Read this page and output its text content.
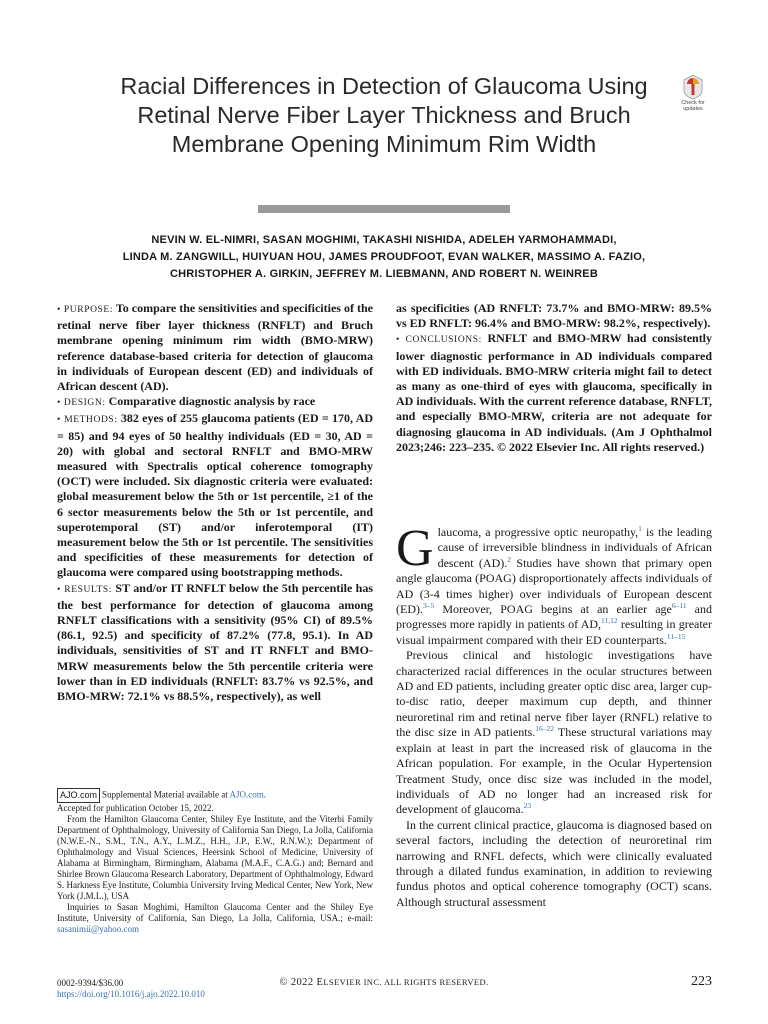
Racial Differences in Detection of Glaucoma Using Retinal Nerve Fiber Layer Thickness and Bruch Membrane Opening Minimum Rim Width
Check for
updates
NEVIN W. EL-NIMRI, SASAN MOGHIMI, TAKASHI NISHIDA, ADELEH YARMOHAMMADI,
LINDA M. ZANGWILL, HUIYUAN HOU, JAMES PROUDFOOT, EVAN WALKER, MASSIMO A. FAZIO,
CHRISTOPHER A. GIRKIN, JEFFREY M. LIEBMANN, AND ROBERT N. WEINREB

• PURPOSE: To compare the sensitivities and specificities of the retinal nerve fiber layer thickness (RNFLT) and Bruch membrane opening minimum rim width (BMO-MRW) reference database-based criteria for detection of glaucoma in individuals of European descent (ED) and individuals of African descent (AD).

• DESIGN: Comparative diagnostic analysis by race

• METHODS: 382 eyes of 255 glaucoma patients (ED = 170, AD = 85) and 94 eyes of 50 healthy individuals (ED = 30, AD = 20) with global and sectoral RNFLT and BMO-MRW measured with Spectralis optical coherence tomography (OCT) were included. Six diagnostic criteria were evaluated: global measurement below the 5th or 1st percentile, ≥1 of the 6 sector measurements below the 5th or 1st percentile, and superotemporal (ST) and/or inferotemporal (IT) measurement below the 5th or 1st percentile. The sensitivities and specificities of these measurements for detection of glaucoma were compared using bootstrapping methods.

• RESULTS: ST and/or IT RNFLT below the 5th percentile has the best performance for detection of glaucoma among RNFLT classifications with a sensitivity (95% CI) of 89.5% (86.1, 92.5) and specificity of 87.2% (77.8, 95.1). In AD individuals, sensitivities of ST and IT RNFLT and BMO-MRW measurements below the 5th percentile criteria were lower than in ED individuals (RNFLT: 83.7% vs 92.5%, and BMO-MRW: 72.1% vs 88.5%, respectively), as well

as specificities (AD RNFLT: 73.7% and BMO-MRW: 89.5% vs ED RNFLT: 96.4% and BMO-MRW: 98.2%, respectively).

• CONCLUSIONS: RNFLT and BMO-MRW had consistently lower diagnostic performance in AD individuals compared with ED individuals. BMO-MRW criteria might fail to detect as many as one-third of eyes with glaucoma, specifically in AD individuals. With the current reference database, RNFLT, and especially BMO-MRW, criteria are not adequate for diagnosing glaucoma in AD individuals. (Am J Ophthalmol 2023;246: 223–235. © 2022 Elsevier Inc. All rights reserved.)

Glaucoma, a progressive optic neuropathy,$^1$ is the leading cause of irreversible blindness in individuals of African descent (AD).$^2$ Studies have shown that primary open angle glaucoma (POAG) disproportionately affects individuals of AD (3-4 times higher) over individuals of European descent (ED).$^{3-5}$ Moreover, POAG begins at an earlier age$^{6-11}$ and progresses more rapidly in patients of AD,$^{11,12}$ resulting in greater visual impairment compared with their ED counterparts.$^{11-15}$

Previous clinical and histologic investigations have characterized racial differences in the ocular structures between AD and ED patients, including greater optic disc area, larger cup-to-disc ratio, deeper maximum cup depth, and thinner neuroretinal rim and retinal nerve fiber layer (RNFL) relative to the disc size in AD patients.$^{16-22}$ These structural variations may explain at least in part the increased risk of glaucoma in the African population. For example, in the Ocular Hypertension Treatment Study, once disc size was included in the model, individuals of AD no longer had an increased risk for development of glaucoma.$^{23}$

In the current clinical practice, glaucoma is diagnosed based on several factors, including the detection of neuroretinal rim narrowing and RNFL defects, which were clinically evaluated through a dilated fundus examination, in addition to reviewing fundus photos and optical coherence tomography (OCT) scans. Although structural assessment

AJO.com Supplemental Material available at AJO.com.

Accepted for publication October 15, 2022.

From the Hamilton Glaucoma Center, Shiley Eye Institute, and the Viterbi Family Department of Ophthalmology, University of California San Diego, La Jolla, California (N.W.E.-N., S.M., T.N., A.Y., L.M.Z., H.H., J.P., E.W., R.N.W.); Department of Ophthalmology and Visual Sciences, Heersink School of Medicine, University of Alabama at Birmingham, Birmingham, Alabama (M.A.F., C.A.G.) and; Bernard and Shirlee Brown Glaucoma Research Laboratory, Department of Ophthalmology, Edward S. Harkness Eye Institute, Columbia University Irving Medical Center, New York, New York (J.M.L.), USA

Inquiries to Sasan Moghimi, Hamilton Glaucoma Center and the Shiley Eye Institute, University of California, San Diego, La Jolla, California, USA.; e-mail: sasanimii@yahoo.com

0002-9394/$36.00
https://doi.org/10.1016/j.ajo.2022.10.010
© 2022 ELSEVIER INC. ALL RIGHTS RESERVED.	223
